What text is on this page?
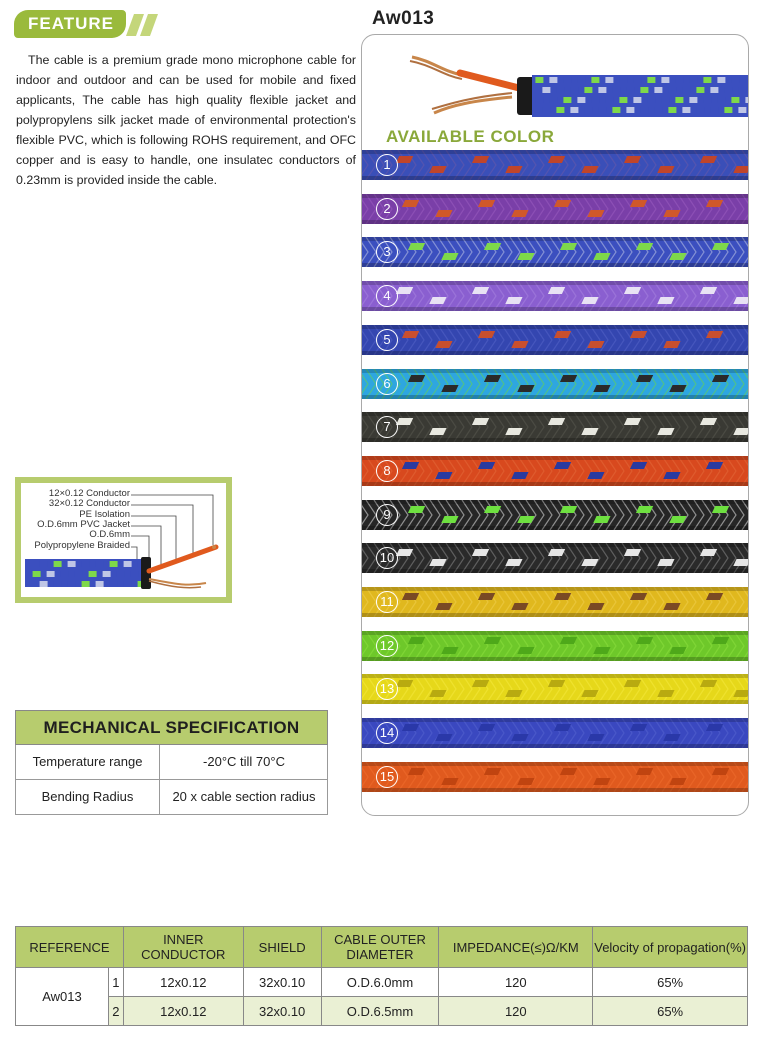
FEATURE

The cable is a premium grade mono microphone cable for indoor and outdoor and can be used for mobile and fixed applicants, The cable has high quality flexible jacket and polypropylens silk jacket made of environmental protection's flexible PVC, which is following ROHS requirement, and OFC copper and is easy to handle, one insulatec conductors of 0.23mm is provided inside the cable.

Aw013
AVAILABLE COLOR
1
2
3
4
5
6
7
8
9
10
11
12
13
14
15
12×0.12 Conductor
32×0.12 Conductor
PE Isolation
O.D.6mm PVC Jacket
O.D.6mm
Polypropylene Braided
MECHANICAL SPECIFICATION
Temperature range	-20°C till 70°C
Bending Radius	20 x cable section radius
REFERENCE		INNER CONDUCTOR	SHIELD	CABLE OUTER DIAMETER	IMPEDANCE(≤)Ω/KM	Velocity of propagation(%)
Aw013	1	12x0.12	32x0.10	O.D.6.0mm	120	65%
	2	12x0.12	32x0.10	O.D.6.5mm	120	65%
